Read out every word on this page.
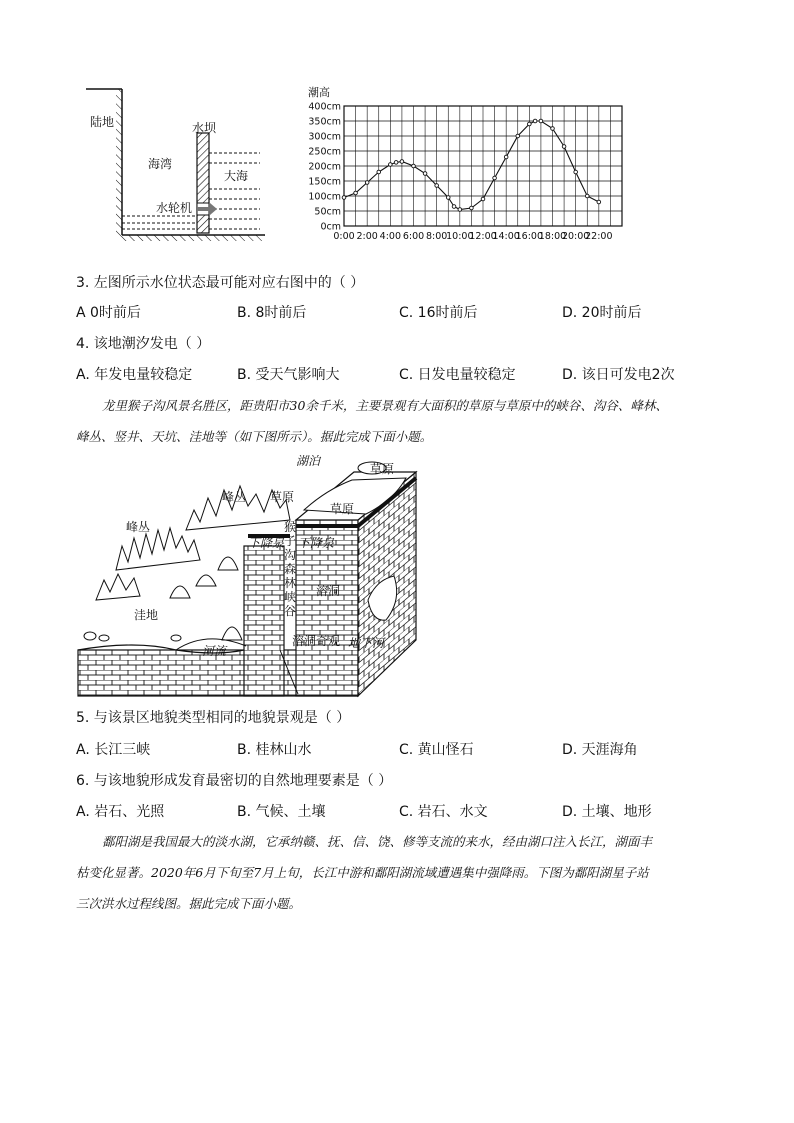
陆地	水坝
海湾
大海
水轮机
0cm
50cm
100cm
150cm
200cm
250cm
300cm
350cm
400cm
0:00 2:00 4:00 6:00 8:00
10:00
12:00
14:00
16:00
18:00
20:00
22:00
潮高
3. 左图所示水位状态最可能对应右图中的（ ）
A 0时前后	B. 8时前后	C. 16时前后	D. 20时前后
4. 该地潮汐发电（ ）
A. 年发电量较稳定	B. 受天气影响大	C. 日发电量较稳定	D. 该日可发电2次
龙里猴子沟风景名胜区，距贵阳市30余千米，主要景观有大面积的草原与草原中的峡谷、沟谷、峰林、
峰丛、竖井、天坑、洼地等（如下图所示）。据此完成下面小题。
湖泊
草原
草原
草原
峰丛
峰丛
下降泉 下降泉
猴
子
沟
森
林
峡
谷
溶洞
洼地
河流
溶洞奇观 地下河
5. 与该景区地貌类型相同的地貌景观是（ ）
A. 长江三峡	B. 桂林山水	C. 黄山怪石	D. 天涯海角
6. 与该地貌形成发育最密切的自然地理要素是（ ）
A. 岩石、光照	B. 气候、土壤	C. 岩石、水文	D. 土壤、地形
鄱阳湖是我国最大的淡水湖，它承纳赣、抚、信、饶、修等支流的来水，经由湖口注入长江，湖面丰
枯变化显著。2020年6月下旬至7月上旬，长江中游和鄱阳湖流域遭遇集中强降雨。下图为鄱阳湖星子站
三次洪水过程线图。据此完成下面小题。
